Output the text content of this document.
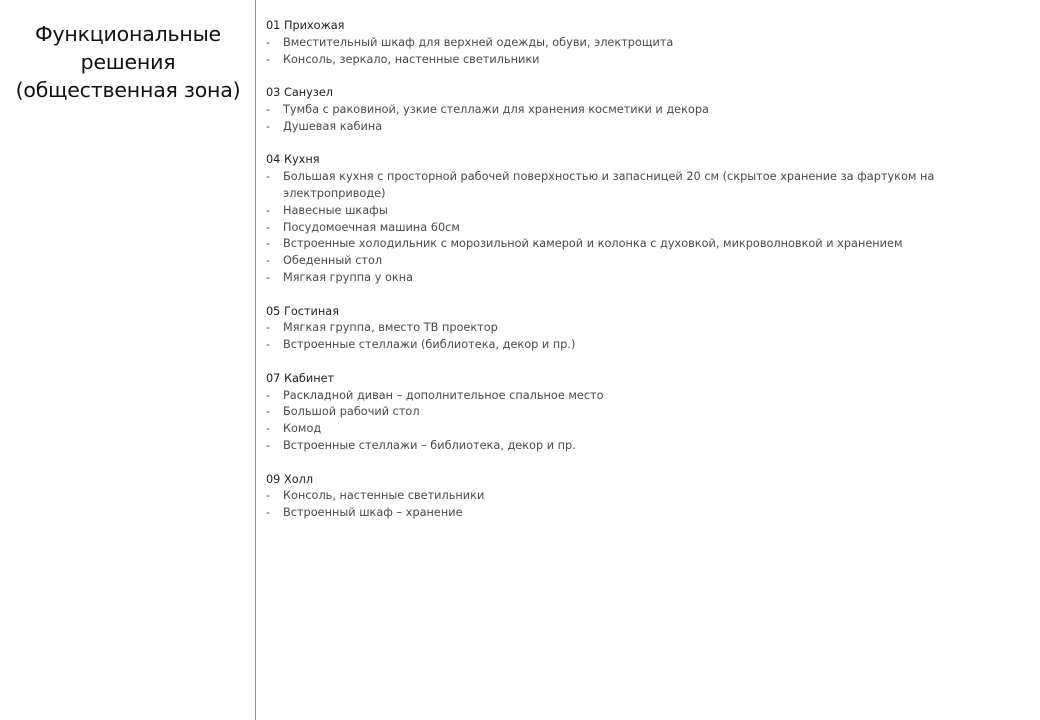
Функциональные
решения
(общественная зона)
01 Прихожая
- Вместительный шкаф для верхней одежды, обуви, электрощита
- Консоль, зеркало, настенные светильники
03 Санузел
- Тумба с раковиной, узкие стеллажи для хранения косметики и декора
- Душевая кабина
04 Кухня
- Большая кухня с просторной рабочей поверхностью и запасницей 20 см (скрытое хранение за фартуком на электроприводе)
- Навесные шкафы
- Посудомоечная машина 60см
- Встроенные холодильник с морозильной камерой и колонка с духовкой, микроволновкой и хранением
- Обеденный стол
- Мягкая группа у окна
05 Гостиная
- Мягкая группа, вместо ТВ проектор
- Встроенные стеллажи (библиотека, декор и пр.)
07 Кабинет
- Раскладной диван – дополнительное спальное место
- Большой рабочий стол
- Комод
- Встроенные стеллажи – библиотека, декор и пр.
09 Холл
- Консоль, настенные светильники
- Встроенный шкаф – хранение
